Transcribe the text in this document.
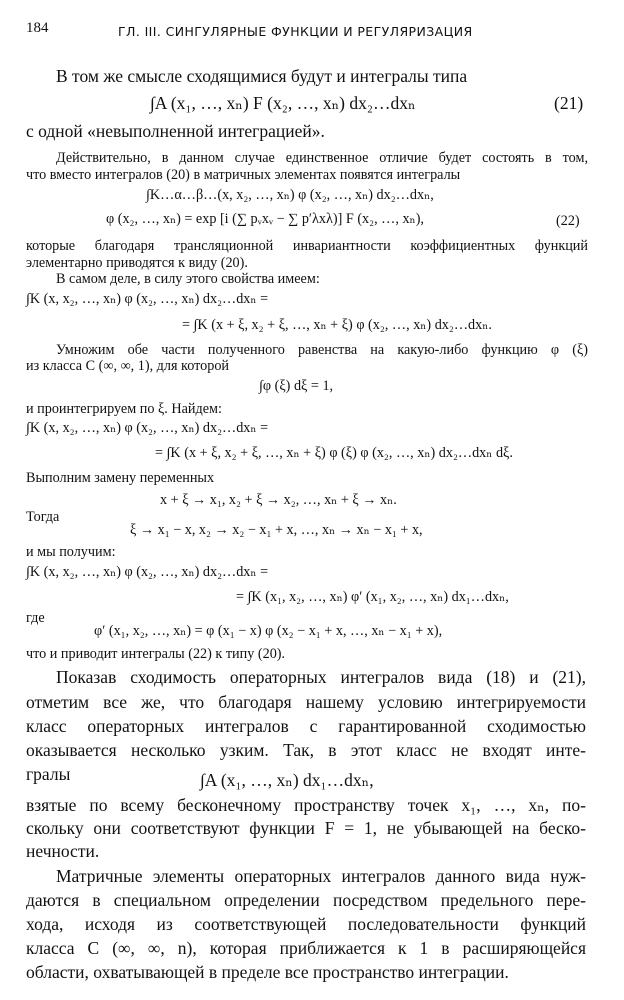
184	ГЛ. III. СИНГУЛЯРНЫЕ ФУНКЦИИ И РЕГУЛЯРИЗАЦИЯ
В том же смысле сходящимися будут и интегралы типа
∫A (x₁, …, xₙ) F (x₂, …, xₙ) dx₂…dxₙ	(21)
с одной «невыполненной интеграцией».
Действительно, в данном случае единственное отличие будет состоять в том,
что вместо интегралов (20) в матричных элементах появятся интегралы
∫K…α…β…(x, x₂, …, xₙ) φ (x₂, …, xₙ) dx₂…dxₙ,
φ (x₂, …, xₙ) = exp [i (∑ pᵥxᵥ − ∑ p′λxλ)] F (x₂, …, xₙ),	(22)
которые благодаря трансляционной инвариантности коэффициентных функций
элементарно приводятся к виду (20).
В самом деле, в силу этого свойства имеем:
∫K (x, x₂, …, xₙ) φ (x₂, …, xₙ) dx₂…dxₙ =
= ∫K (x + ξ, x₂ + ξ, …, xₙ + ξ) φ (x₂, …, xₙ) dx₂…dxₙ.
Умножим обе части полученного равенства на какую-либо функцию φ (ξ)
из класса C (∞, ∞, 1), для которой
∫φ (ξ) dξ = 1,
и проинтегрируем по ξ. Найдем:
∫K (x, x₂, …, xₙ) φ (x₂, …, xₙ) dx₂…dxₙ =
= ∫K (x + ξ, x₂ + ξ, …, xₙ + ξ) φ (ξ) φ (x₂, …, xₙ) dx₂…dxₙ dξ.
Выполним замену переменных
x + ξ → x₁, x₂ + ξ → x₂, …, xₙ + ξ → xₙ.
Тогда
ξ → x₁ − x, x₂ → x₂ − x₁ + x, …, xₙ → xₙ − x₁ + x,
и мы получим:
∫K (x, x₂, …, xₙ) φ (x₂, …, xₙ) dx₂…dxₙ =
= ∫K (x₁, x₂, …, xₙ) φ′ (x₁, x₂, …, xₙ) dx₁…dxₙ,
где
φ′ (x₁, x₂, …, xₙ) = φ (x₁ − x) φ (x₂ − x₁ + x, …, xₙ − x₁ + x),
что и приводит интегралы (22) к типу (20).
Показав сходимость операторных интегралов вида (18) и (21),
отметим все же, что благодаря нашему условию интегрируемости
класс операторных интегралов с гарантированной сходимостью
оказывается несколько узким. Так, в этот класс не входят инте-
гралы	∫A (x₁, …, xₙ) dx₁…dxₙ,
взятые по всему бесконечному пространству точек x₁, …, xₙ, по-
скольку они соответствуют функции F = 1, не убывающей на беско-
нечности.
Матричные элементы операторных интегралов данного вида нуж-
даются в специальном определении посредством предельного пере-
хода, исходя из соответствующей последовательности функций
класса C (∞, ∞, n), которая приближается к 1 в расширяющейся
области, охватывающей в пределе все пространство интеграции.
